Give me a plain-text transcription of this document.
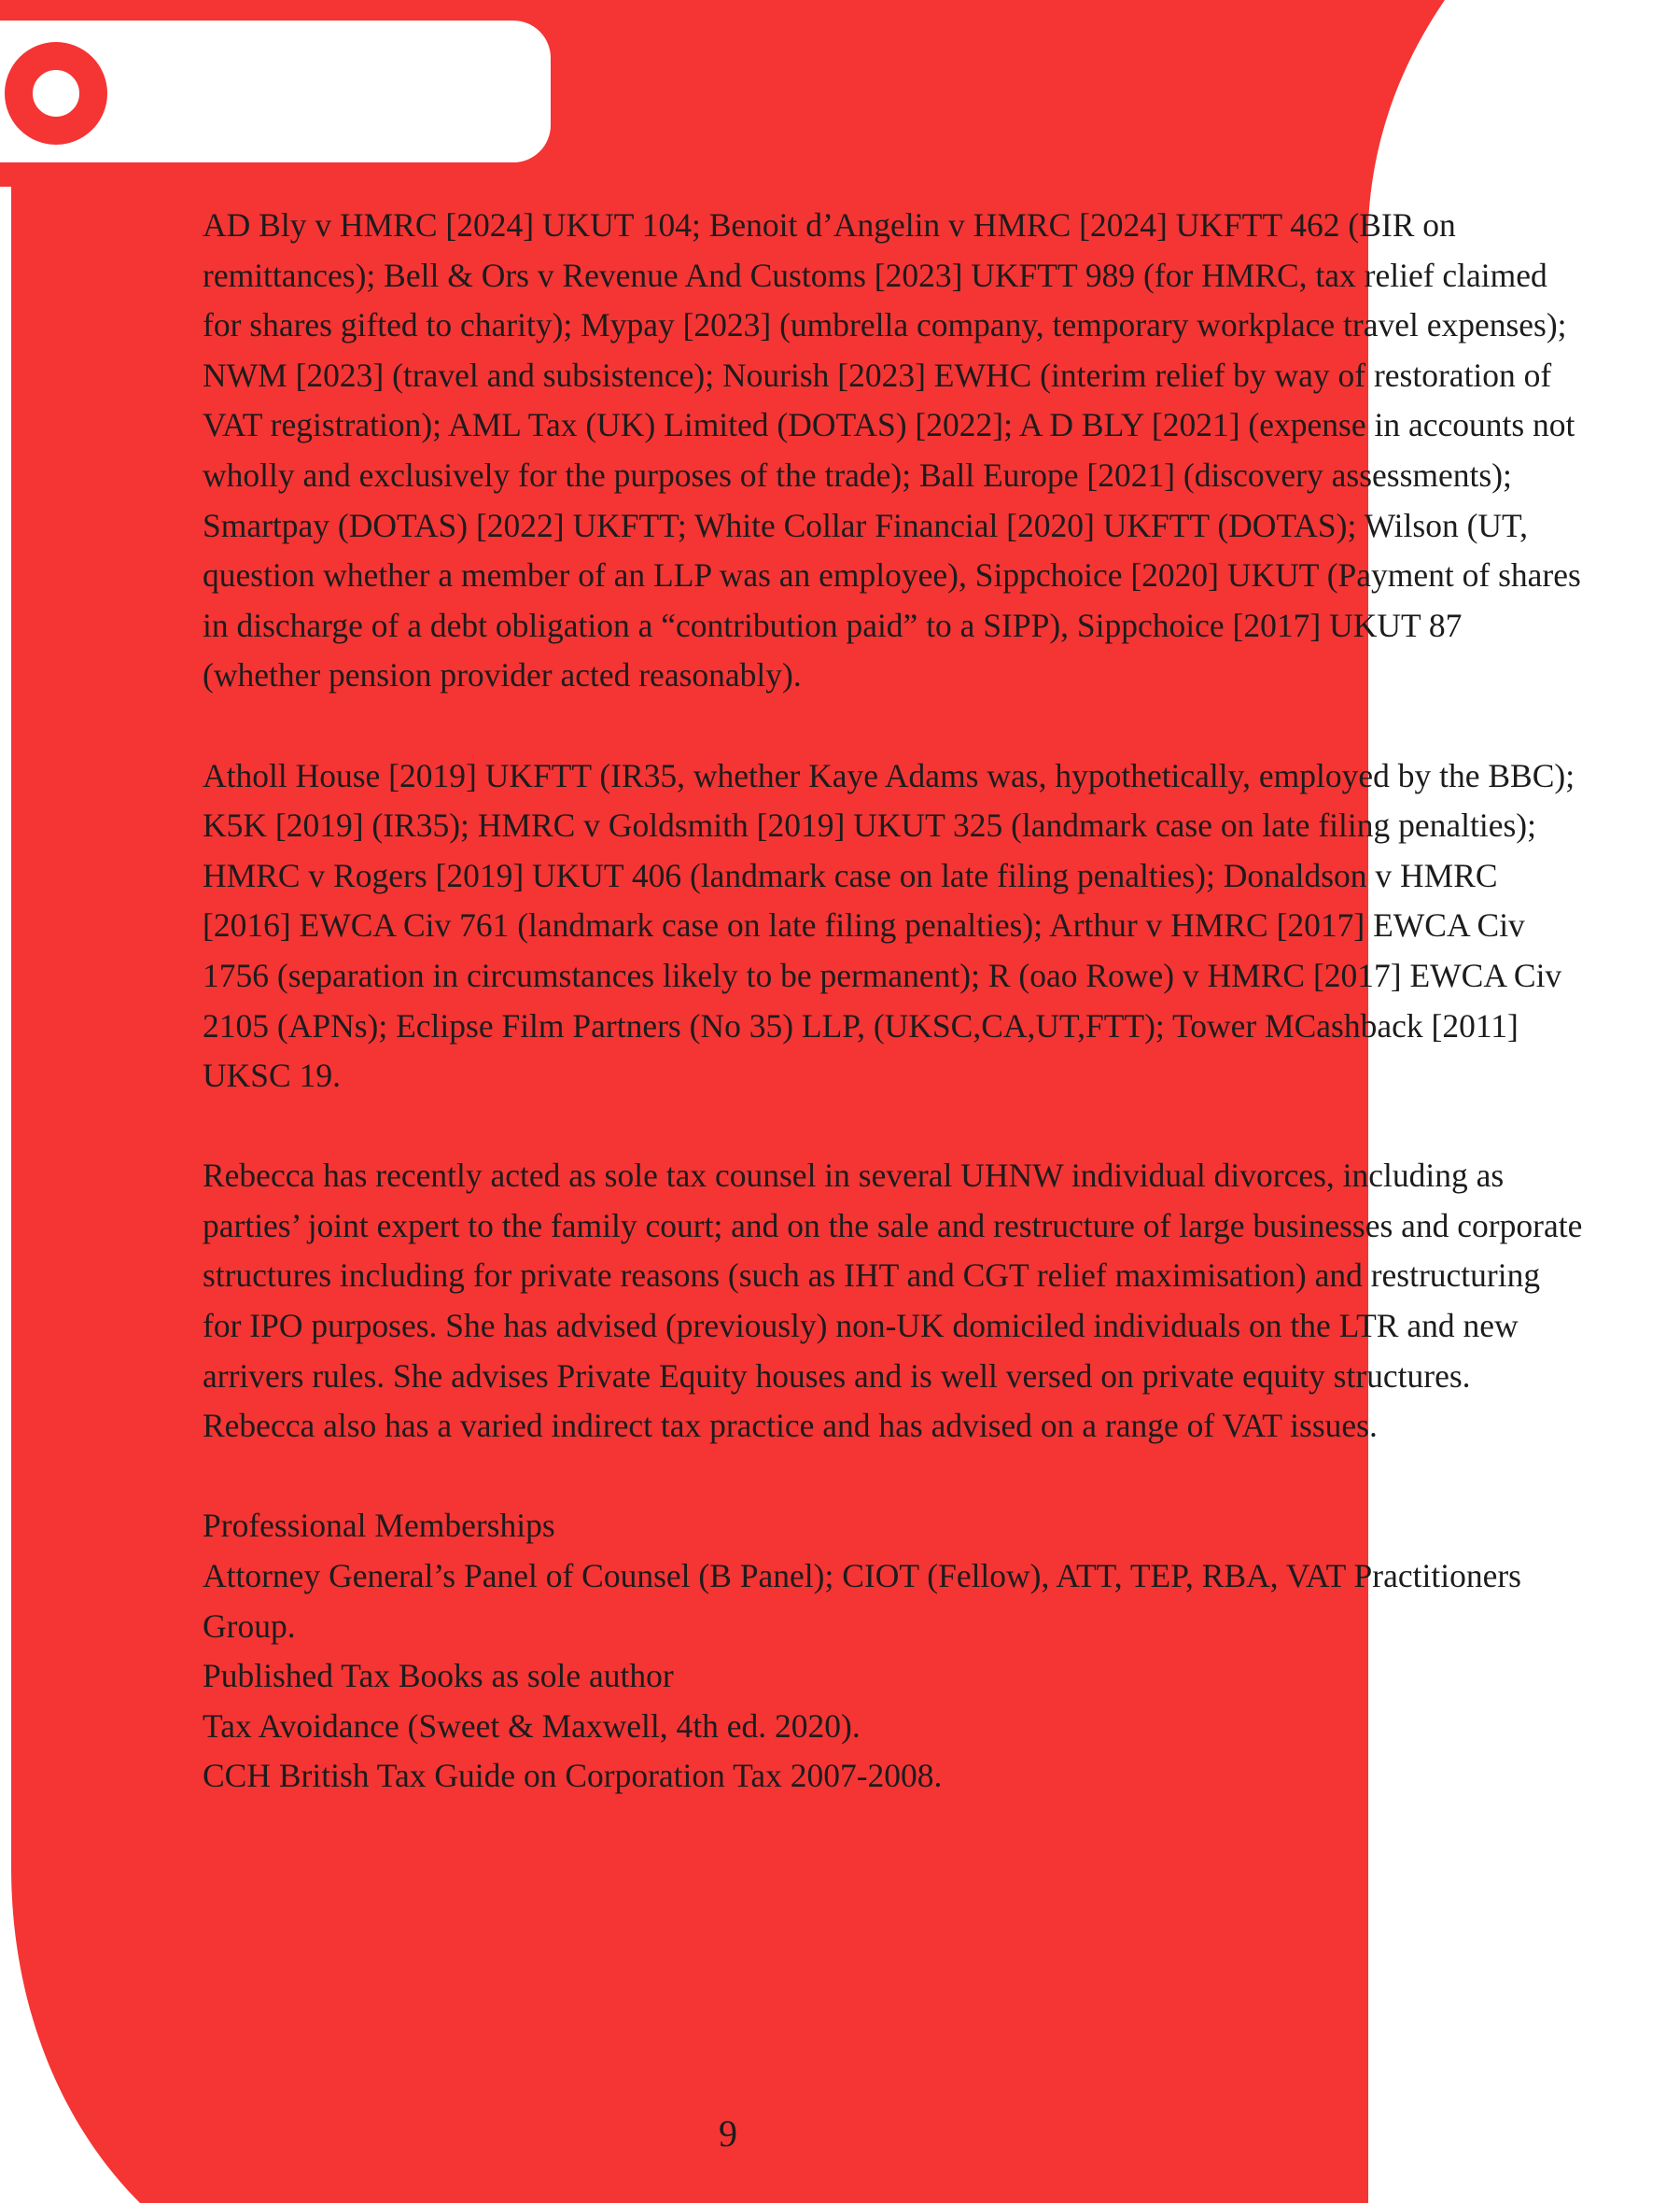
AD Bly v HMRC [2024] UKUT 104; Benoit d’Angelin v HMRC [2024] UKFTT 462 (BIR on remittances); Bell & Ors v Revenue And Customs [2023] UKFTT 989 (for HMRC, tax relief claimed for shares gifted to charity); Mypay [2023] (umbrella company, temporary workplace travel expenses); NWM [2023] (travel and subsistence); Nourish [2023] EWHC (interim relief by way of restoration of VAT registration); AML Tax (UK) Limited (DOTAS) [2022]; A D BLY [2021] (expense in accounts not wholly and exclusively for the purposes of the trade); Ball Europe [2021] (discovery assessments); Smartpay (DOTAS) [2022] UKFTT; White Collar Financial [2020] UKFTT (DOTAS); Wilson (UT, question whether a member of an LLP was an employee), Sippchoice [2020] UKUT (Payment of shares in discharge of a debt obligation a “contribution paid” to a SIPP), Sippchoice [2017] UKUT 87 (whether pension provider acted reasonably).

Atholl House [2019] UKFTT (IR35, whether Kaye Adams was, hypothetically, employed by the BBC); K5K [2019] (IR35); HMRC v Goldsmith [2019] UKUT 325 (landmark case on late filing penalties); HMRC v Rogers [2019] UKUT 406 (landmark case on late filing penalties); Donaldson v HMRC [2016] EWCA Civ 761 (landmark case on late filing penalties); Arthur v HMRC [2017] EWCA Civ 1756 (separation in circumstances likely to be permanent); R (oao Rowe) v HMRC [2017] EWCA Civ 2105 (APNs); Eclipse Film Partners (No 35) LLP, (UKSC,CA,UT,FTT); Tower MCashback [2011] UKSC 19.

Rebecca has recently acted as sole tax counsel in several UHNW individual divorces, including as parties’ joint expert to the family court; and on the sale and restructure of large businesses and corporate structures including for private reasons (such as IHT and CGT relief maximisation) and restructuring for IPO purposes. She has advised (previously) non-UK domiciled individuals on the LTR and new arrivers rules. She advises Private Equity houses and is well versed on private equity structures. Rebecca also has a varied indirect tax practice and has advised on a range of VAT issues.

Professional Memberships

Attorney General’s Panel of Counsel (B Panel); CIOT (Fellow), ATT, TEP, RBA, VAT Practitioners Group.

Published Tax Books as sole author

Tax Avoidance (Sweet & Maxwell, 4th ed. 2020).

CCH British Tax Guide on Corporation Tax 2007-2008.

9
